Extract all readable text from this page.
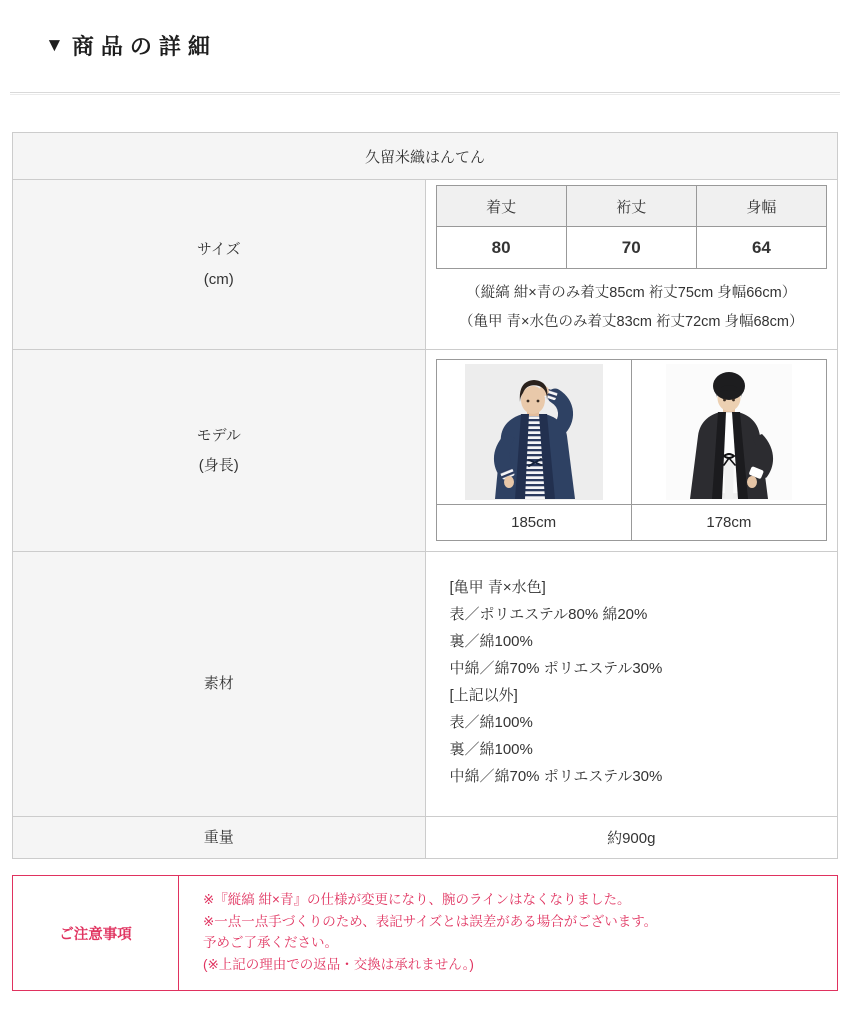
▼ 商品の詳細
久留米織はんてん

サイズ
(cm)

着丈	裄丈	身幅
80	70	64
（縦縞 紺×青のみ着丈85cm 裄丈75cm 身幅66cm）
（亀甲 青×水色のみ着丈83cm 裄丈72cm 身幅68cm）

モデル
(身長)

185cm	178cm

素材	
[亀甲 青×水色]
表／ポリエステル80% 綿20%
裏／綿100%
中綿／綿70% ポリエステル30%
[上記以外]
表／綿100%
裏／綿100%
中綿／綿70% ポリエステル30%

重量	約900g
ご注意事項	
※『縦縞 紺×青』の仕様が変更になり、腕のラインはなくなりました。
※一点一点手づくりのため、表記サイズとは誤差がある場合がございます。
予めご了承ください。
(※上記の理由での返品・交換は承れません。)
